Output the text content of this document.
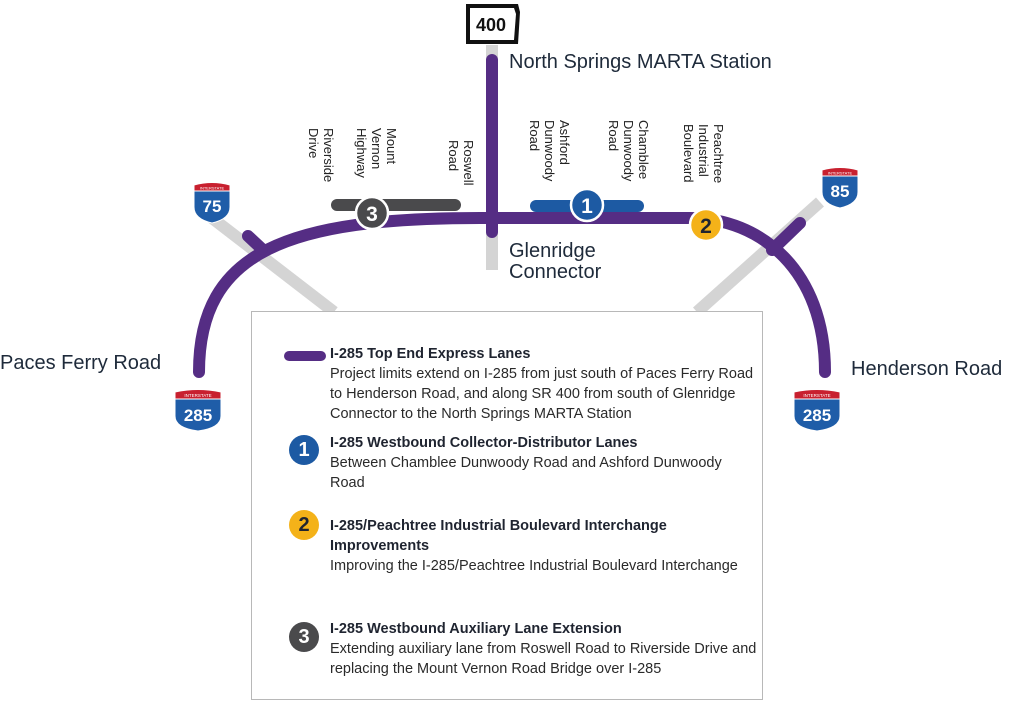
3	1
2
400
INTERSTATE
75
INTERSTATE
85
INTERSTATE
285
INTERSTATE
285
North Springs MARTA Station
Glenridge
Connector
Paces Ferry Road	Henderson Road
Riverside
Drive	Mount
Vernon
Highway	Roswell
Road	Ashford
Dunwoody
Road	Chamblee
Dunwoody
Road	Peachtree
Industrial
Boulevard
I-285 Top End Express Lanes
Project limits extend on I-285 from just south of Paces Ferry Road to Henderson Road, and along SR 400 from south of Glenridge Connector to the North Springs MARTA Station
1	I-285 Westbound Collector-Distributor Lanes
Between Chamblee Dunwoody Road and Ashford Dunwoody Road
2	I-285/Peachtree Industrial Boulevard Interchange Improvements
Improving the I-285/Peachtree Industrial Boulevard Interchange
3	I-285 Westbound Auxiliary Lane Extension
Extending auxiliary lane from Roswell Road to Riverside Drive and replacing the Mount Vernon Road Bridge over I-285
